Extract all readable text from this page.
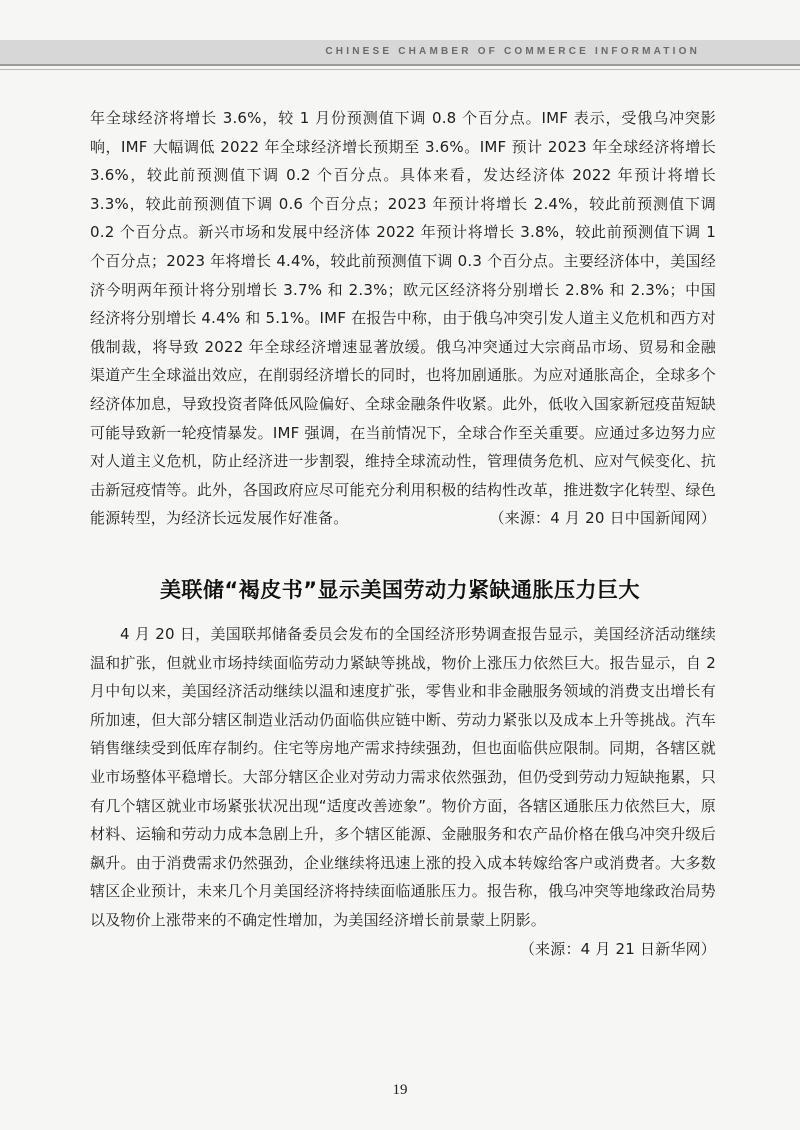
CHINESE CHAMBER OF COMMERCE INFORMATION

年全球经济将增长 3.6%，较 1 月份预测值下调 0.8 个百分点。IMF 表示，受俄乌冲突影响，IMF 大幅调低 2022 年全球经济增长预期至 3.6%。IMF 预计 2023 年全球经济将增长 3.6%，较此前预测值下调 0.2 个百分点。具体来看，发达经济体 2022 年预计将增长 3.3%，较此前预测值下调 0.6 个百分点；2023 年预计将增长 2.4%，较此前预测值下调 0.2 个百分点。新兴市场和发展中经济体 2022 年预计将增长 3.8%，较此前预测值下调 1 个百分点；2023 年将增长 4.4%，较此前预测值下调 0.3 个百分点。主要经济体中，美国经济今明两年预计将分别增长 3.7% 和 2.3%；欧元区经济将分别增长 2.8% 和 2.3%；中国经济将分别增长 4.4% 和 5.1%。IMF 在报告中称，由于俄乌冲突引发人道主义危机和西方对俄制裁，将导致 2022 年全球经济增速显著放缓。俄乌冲突通过大宗商品市场、贸易和金融渠道产生全球溢出效应，在削弱经济增长的同时，也将加剧通胀。为应对通胀高企，全球多个经济体加息，导致投资者降低风险偏好、全球金融条件收紧。此外，低收入国家新冠疫苗短缺可能导致新一轮疫情暴发。IMF 强调，在当前情况下，全球合作至关重要。应通过多边努力应对人道主义危机，防止经济进一步割裂，维持全球流动性，管理债务危机、应对气候变化、抗击新冠疫情等。此外，各国政府应尽可能充分利用积极的结构性改革，推进数字化转型、绿色能源转型，为经济长远发展作好准备。	（来源：4 月 20 日中国新闻网）

美联储“褐皮书”显示美国劳动力紧缺通胀压力巨大

4 月 20 日，美国联邦储备委员会发布的全国经济形势调查报告显示，美国经济活动继续温和扩张，但就业市场持续面临劳动力紧缺等挑战，物价上涨压力依然巨大。报告显示，自 2 月中旬以来，美国经济活动继续以温和速度扩张，零售业和非金融服务领域的消费支出增长有所加速，但大部分辖区制造业活动仍面临供应链中断、劳动力紧张以及成本上升等挑战。汽车销售继续受到低库存制约。住宅等房地产需求持续强劲，但也面临供应限制。同期，各辖区就业市场整体平稳增长。大部分辖区企业对劳动力需求依然强劲，但仍受到劳动力短缺拖累，只有几个辖区就业市场紧张状况出现“适度改善迹象”。物价方面，各辖区通胀压力依然巨大，原材料、运输和劳动力成本急剧上升，多个辖区能源、金融服务和农产品价格在俄乌冲突升级后飙升。由于消费需求仍然强劲，企业继续将迅速上涨的投入成本转嫁给客户或消费者。大多数辖区企业预计，未来几个月美国经济将持续面临通胀压力。报告称，俄乌冲突等地缘政治局势以及物价上涨带来的不确定性增加，为美国经济增长前景蒙上阴影。

（来源：4 月 21 日新华网）

19
